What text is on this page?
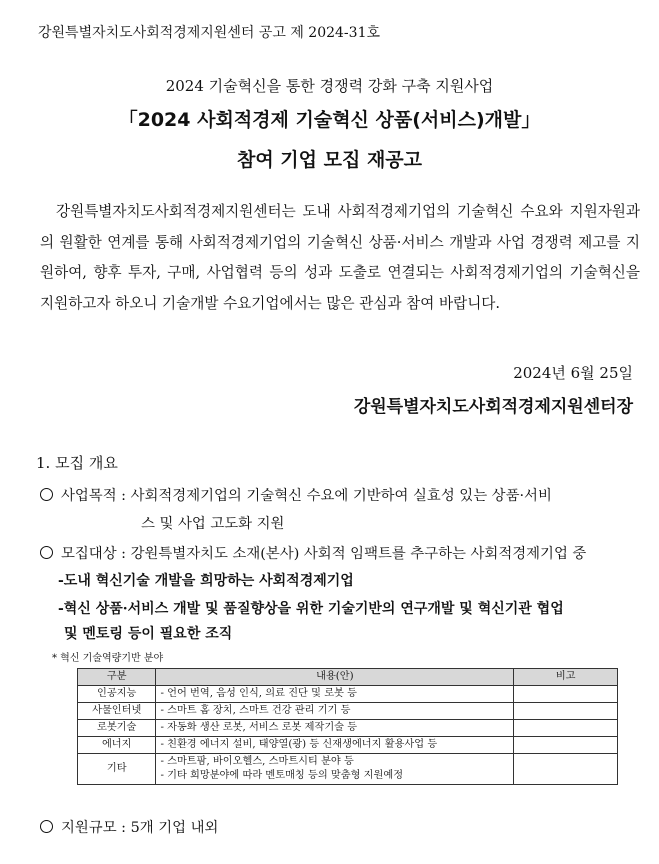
강원특별자치도사회적경제지원센터 공고 제 2024-31호
2024 기술혁신을 통한 경쟁력 강화 구축 지원사업
「2024 사회적경제 기술혁신 상품(서비스)개발」
참여 기업 모집 재공고
강원특별자치도사회적경제지원센터는 도내 사회적경제기업의 기술혁신 수요와 지원자원과의 원활한 연계를 통해 사회적경제기업의 기술혁신 상품·서비스 개발과 사업 경쟁력 제고를 지원하여, 향후 투자, 구매, 사업협력 등의 성과 도출로 연결되는 사회적경제기업의 기술혁신을 지원하고자 하오니 기술개발 수요기업에서는 많은 관심과 참여 바랍니다.
2024년 6월 25일
강원특별자치도사회적경제지원센터장
1. 모집 개요
사업목적 : 사회적경제기업의 기술혁신 수요에 기반하여 실효성 있는 상품·서비
스 및 사업 고도화 지원
모집대상 : 강원특별자치도 소재(본사) 사회적 임팩트를 추구하는 사회적경제기업 중
-도내 혁신기술 개발을 희망하는 사회적경제기업
-혁신 상품·서비스 개발 및 품질향상을 위한 기술기반의 연구개발 및 혁신기관 협업
및 멘토링 등이 필요한 조직
* 혁신 기술역량기반 분야
구분	내용(안)	비고
인공지능	- 언어 번역, 음성 인식, 의료 진단 및 로봇 등	
사물인터넷	- 스마트 홈 장치, 스마트 건강 관리 기기 등	
로봇기술	- 자동화 생산 로봇, 서비스 로봇 제작기술 등	
에너지	- 친환경 에너지 설비, 태양열(광) 등 신재생에너지 활용사업 등	
기타	- 스마트팜, 바이오헬스, 스마트시티 분야 등
- 기타 희망분야에 따라 멘토매칭 등의 맞춤형 지원예정	

지원규모 : 5개 기업 내외
